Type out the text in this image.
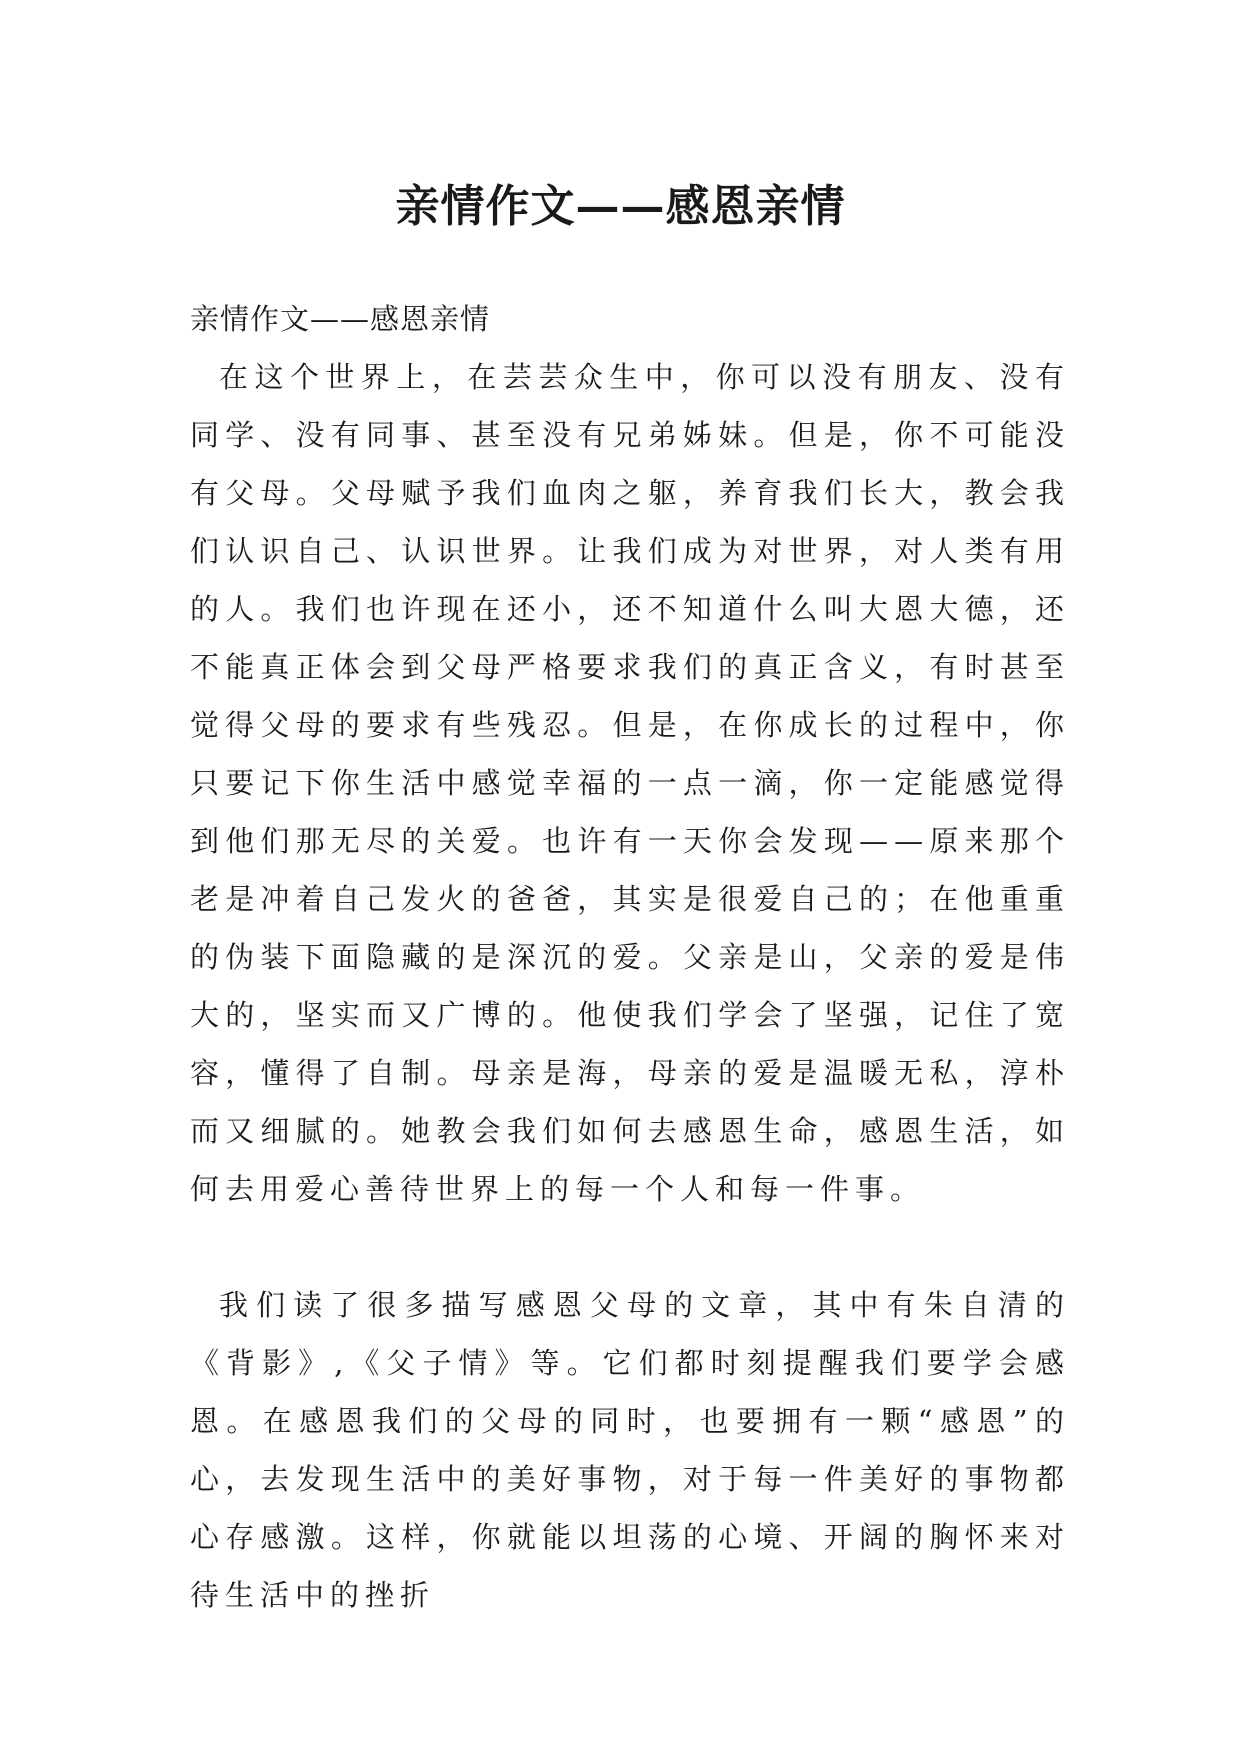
亲情作文——感恩亲情

亲情作文——感恩亲情

在这个世界上，在芸芸众生中，你可以没有朋友、没有同学、没有同事、甚至没有兄弟姊妹。但是，你不可能没有父母。父母赋予我们血肉之躯，养育我们长大，教会我们认识自己、认识世界。让我们成为对世界，对人类有用的人。我们也许现在还小，还不知道什么叫大恩大德，还不能真正体会到父母严格要求我们的真正含义，有时甚至觉得父母的要求有些残忍。但是，在你成长的过程中，你只要记下你生活中感觉幸福的一点一滴，你一定能感觉得到他们那无尽的关爱。也许有一天你会发现——原来那个老是冲着自己发火的爸爸，其实是很爱自己的；在他重重的伪装下面隐藏的是深沉的爱。父亲是山，父亲的爱是伟大的，坚实而又广博的。他使我们学会了坚强，记住了宽容，懂得了自制。母亲是海，母亲的爱是温暖无私，淳朴而又细腻的。她教会我们如何去感恩生命，感恩生活，如何去用爱心善待世界上的每一个人和每一件事。

我们读了很多描写感恩父母的文章，其中有朱自清的《背影》,《父子情》等。它们都时刻提醒我们要学会感恩。在感恩我们的父母的同时，也要拥有一颗“感恩”的心，去发现生活中的美好事物，对于每一件美好的事物都心存感激。这样，你就能以坦荡的心境、开阔的胸怀来对待生活中的挫折
